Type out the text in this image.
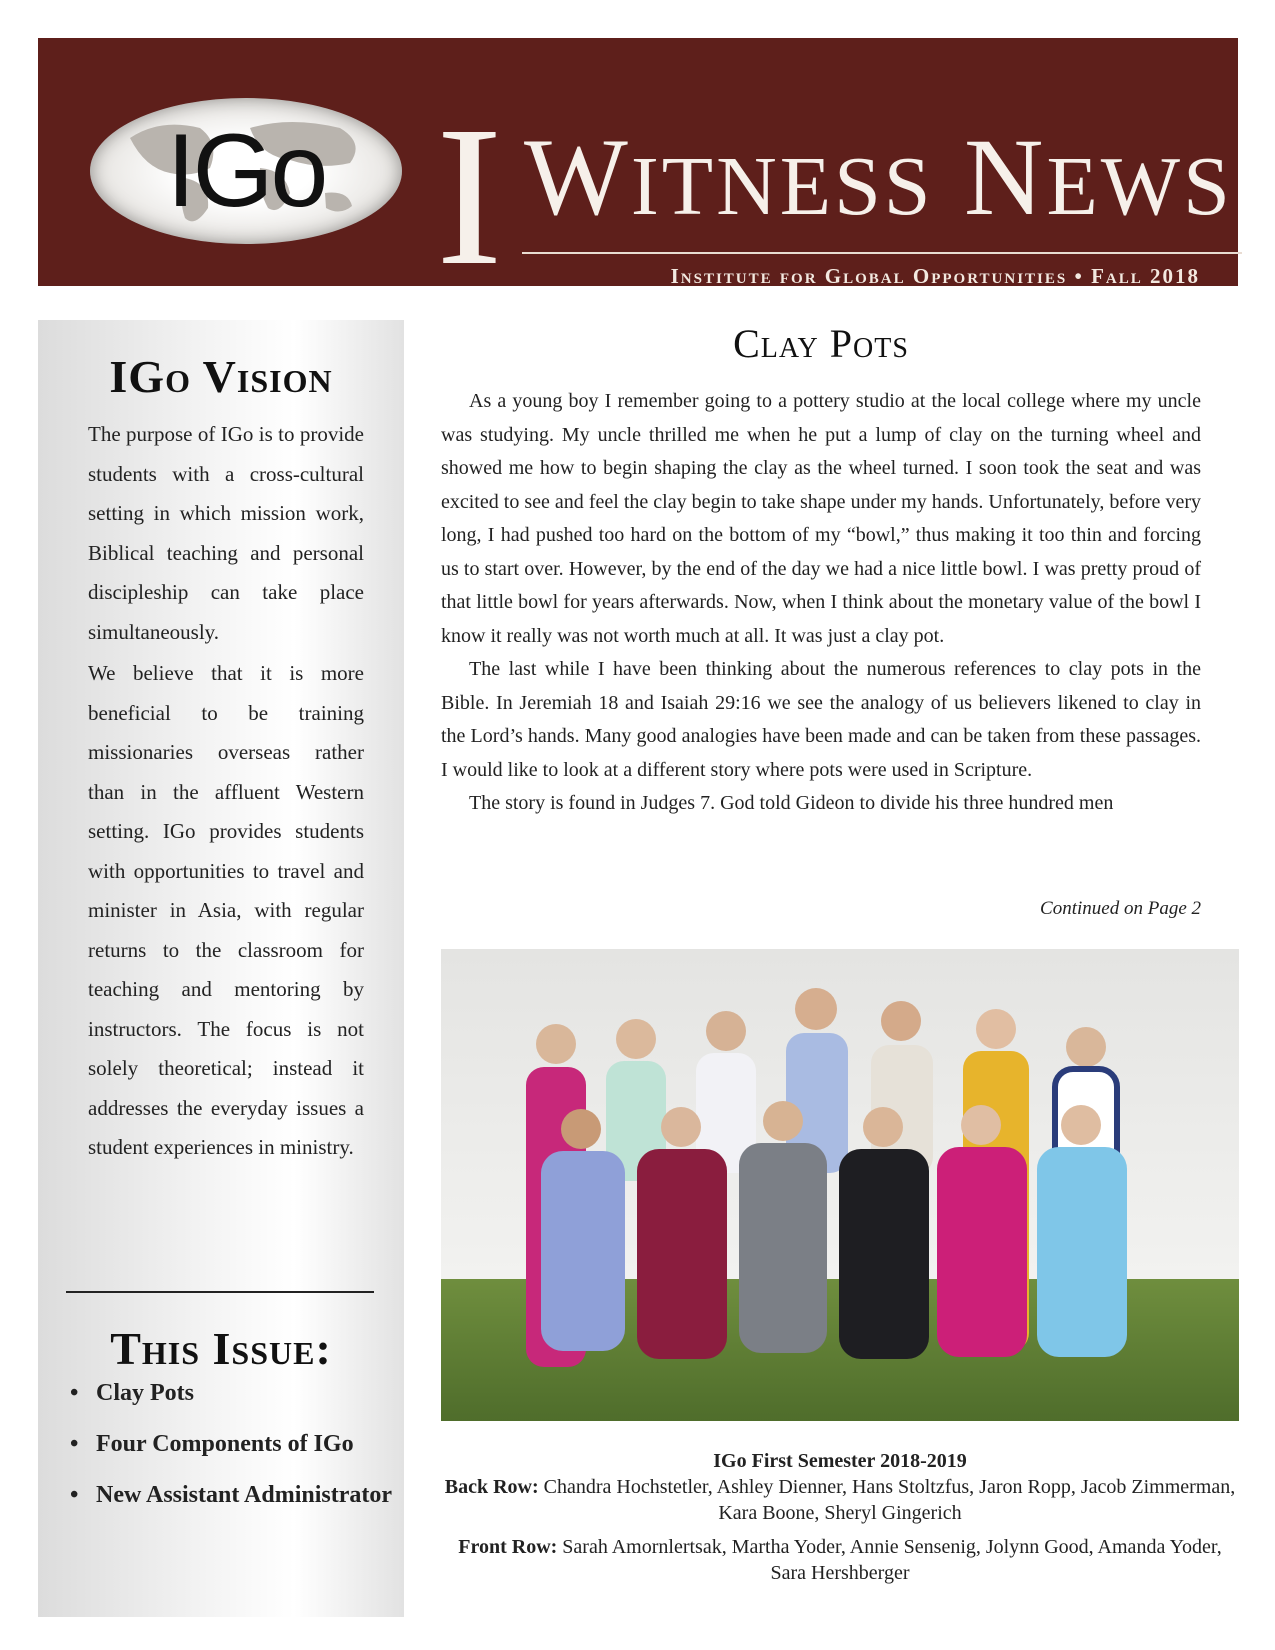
IGo I WITNESS NEWS
Institute for Global Opportunities • Fall 2018
IGo Vision

The purpose of IGo is to provide students with a cross-cultural setting in which mission work, Biblical teaching and personal discipleship can take place simultaneously.

We believe that it is more beneficial to be training missionaries overseas rather than in the affluent Western setting. IGo provides students with opportunities to travel and minister in Asia, with regular returns to the classroom for teaching and mentoring by instructors. The focus is not solely theoretical; instead it addresses the everyday issues a student experiences in ministry.

This Issue:
• Clay Pots
• Four Components of IGo
• New Assistant Administrator
Clay Pots

As a young boy I remember going to a pottery studio at the local college where my uncle was studying. My uncle thrilled me when he put a lump of clay on the turning wheel and showed me how to begin shaping the clay as the wheel turned. I soon took the seat and was excited to see and feel the clay begin to take shape under my hands. Unfortunately, before very long, I had pushed too hard on the bottom of my “bowl,” thus making it too thin and forcing us to start over. However, by the end of the day we had a nice little bowl. I was pretty proud of that little bowl for years afterwards. Now, when I think about the monetary value of the bowl I know it really was not worth much at all. It was just a clay pot.

The last while I have been thinking about the numerous references to clay pots in the Bible. In Jeremiah 18 and Isaiah 29:16 we see the analogy of us believers likened to clay in the Lord’s hands. Many good analogies have been made and can be taken from these passages. I would like to look at a different story where pots were used in Scripture.

The story is found in Judges 7. God told Gideon to divide his three hundred men

Continued on Page 2
IGo First Semester 2018-2019
Back Row: Chandra Hochstetler, Ashley Dienner, Hans Stoltzfus, Jaron Ropp, Jacob Zimmerman, Kara Boone, Sheryl Gingerich
Front Row: Sarah Amornlertsak, Martha Yoder, Annie Sensenig, Jolynn Good, Amanda Yoder, Sara Hershberger
